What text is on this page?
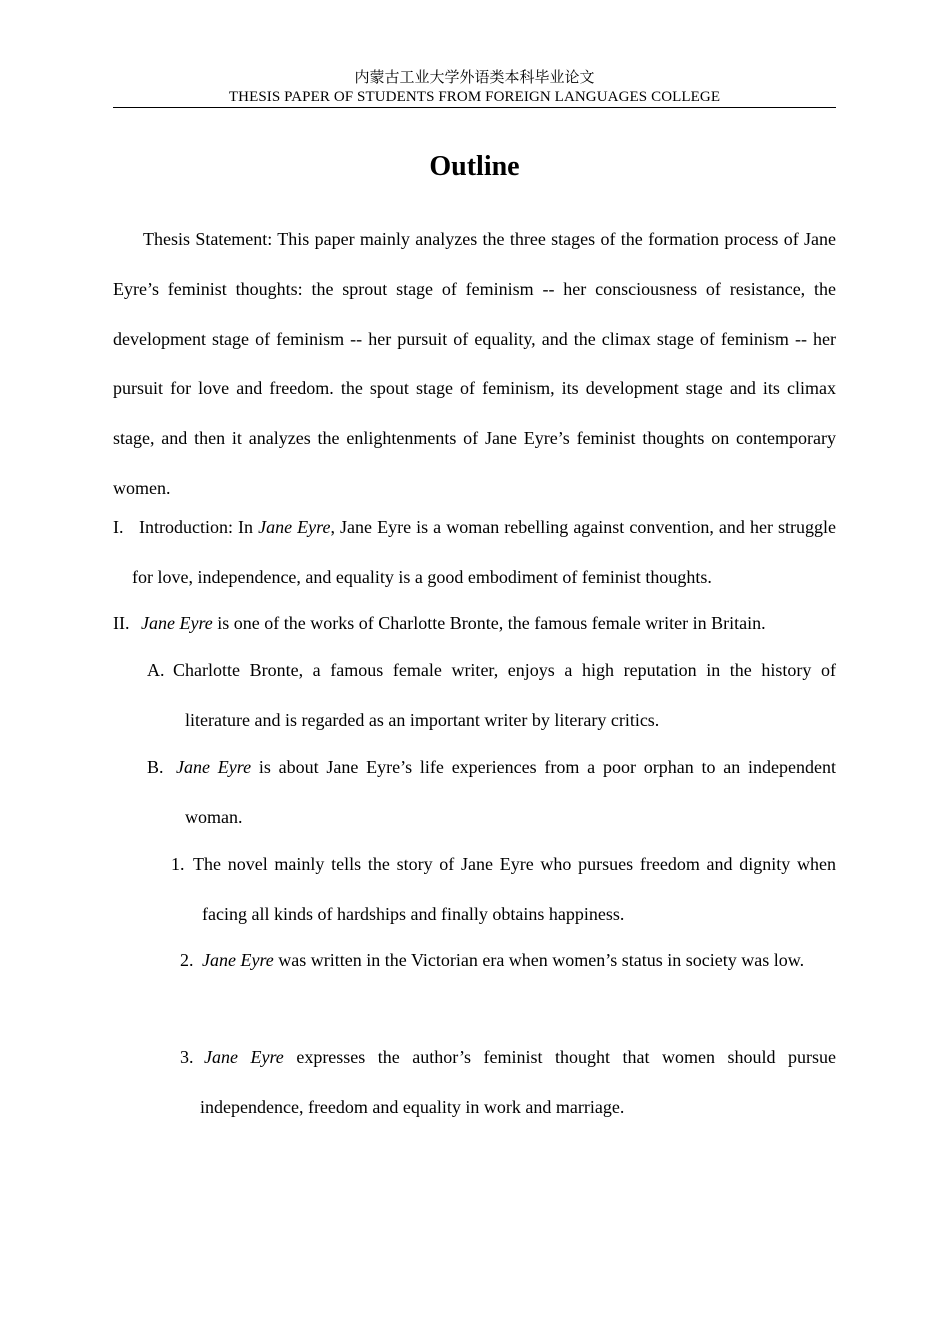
内蒙古工业大学外语类本科毕业论文
THESIS PAPER OF STUDENTS FROM FOREIGN LANGUAGES COLLEGE
Outline

Thesis Statement: This paper mainly analyzes the three stages of the formation process of Jane Eyre’s feminist thoughts: the sprout stage of feminism -- her consciousness of resistance, the development stage of feminism -- her pursuit of equality, and the climax stage of feminism -- her pursuit for love and freedom. the spout stage of feminism, its development stage and its climax stage, and then it analyzes the enlightenments of Jane Eyre’s feminist thoughts on contemporary women.

I. Introduction: In Jane Eyre, Jane Eyre is a woman rebelling against convention, and her struggle for love, independence, and equality is a good embodiment of feminist thoughts.

II. Jane Eyre is one of the works of Charlotte Bronte, the famous female writer in Britain.

A. Charlotte Bronte, a famous female writer, enjoys a high reputation in the history of literature and is regarded as an important writer by literary critics.

B. Jane Eyre is about Jane Eyre’s life experiences from a poor orphan to an independent woman.

1. The novel mainly tells the story of Jane Eyre who pursues freedom and dignity when facing all kinds of hardships and finally obtains happiness.

2. Jane Eyre was written in the Victorian era when women’s status in society was low.

3. Jane Eyre expresses the author’s feminist thought that women should pursue independence, freedom and equality in work and marriage.
